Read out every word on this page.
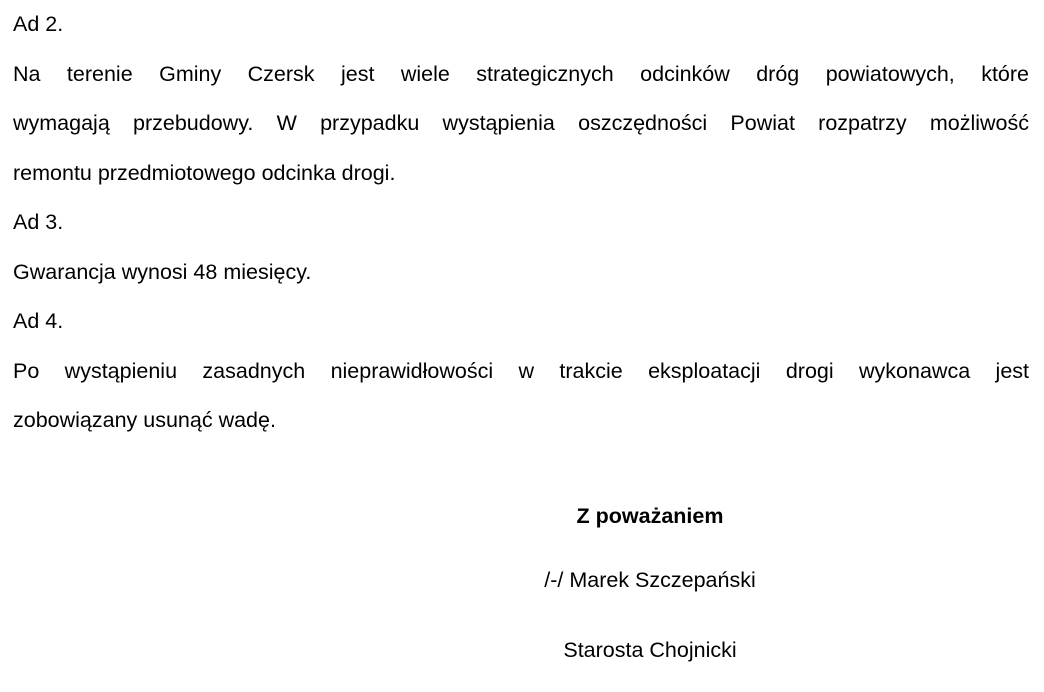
Ad 2.

Na terenie Gminy Czersk jest wiele strategicznych odcinków dróg powiatowych, które
wymagają przebudowy. W przypadku wystąpienia oszczędności Powiat rozpatrzy możliwość
remontu przedmiotowego odcinka drogi.

Ad 3.

Gwarancja wynosi 48 miesięcy.

Ad 4.

Po wystąpieniu zasadnych nieprawidłowości w trakcie eksploatacji drogi wykonawca jest
zobowiązany usunąć wadę.

Z poważaniem
/-/ Marek Szczepański
Starosta Chojnicki
